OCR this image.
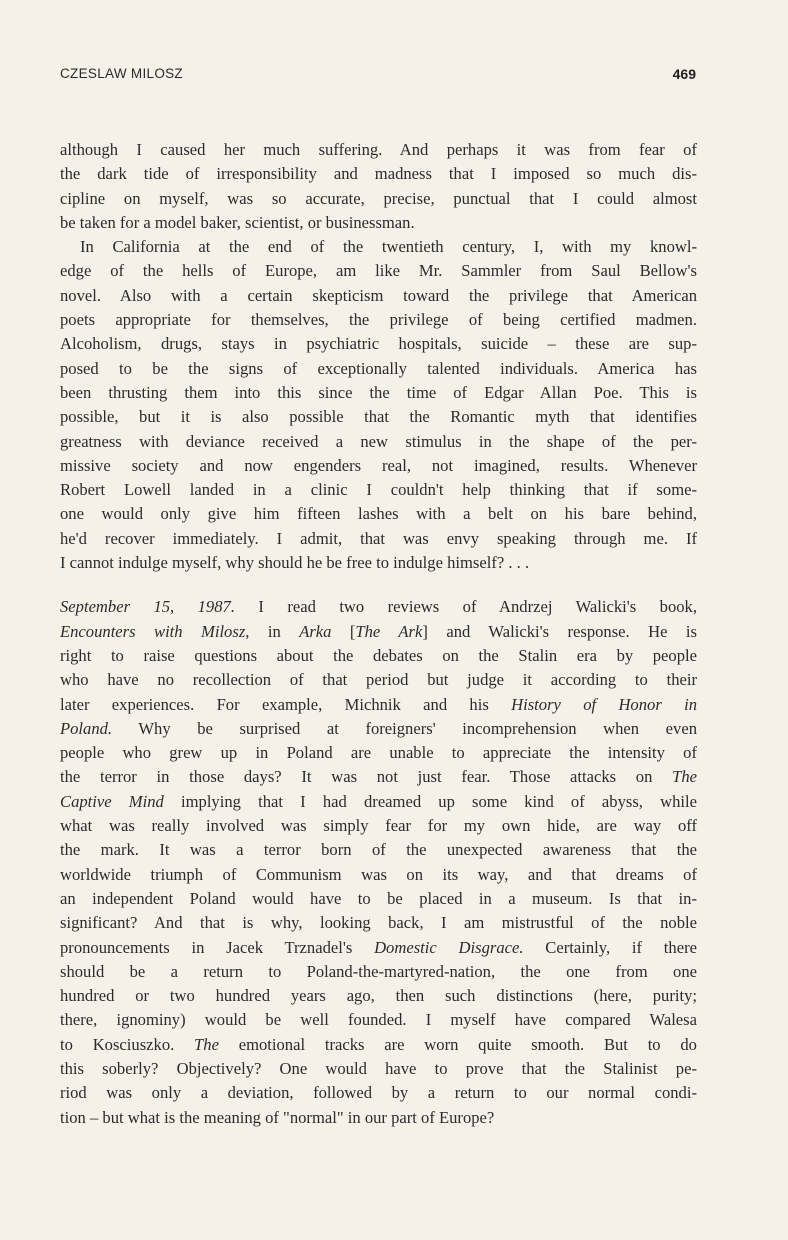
CZESLAW MILOSZ	469
although I caused her much suffering. And perhaps it was from fear of
the dark tide of irresponsibility and madness that I imposed so much dis-
cipline on myself, was so accurate, precise, punctual that I could almost
be taken for a model baker, scientist, or businessman.
In California at the end of the twentieth century, I, with my knowl-
edge of the hells of Europe, am like Mr. Sammler from Saul Bellow's
novel. Also with a certain skepticism toward the privilege that American
poets appropriate for themselves, the privilege of being certified madmen.
Alcoholism, drugs, stays in psychiatric hospitals, suicide – these are sup-
posed to be the signs of exceptionally talented individuals. America has
been thrusting them into this since the time of Edgar Allan Poe. This is
possible, but it is also possible that the Romantic myth that identifies
greatness with deviance received a new stimulus in the shape of the per-
missive society and now engenders real, not imagined, results. Whenever
Robert Lowell landed in a clinic I couldn't help thinking that if some-
one would only give him fifteen lashes with a belt on his bare behind,
he'd recover immediately. I admit, that was envy speaking through me. If
I cannot indulge myself, why should he be free to indulge himself? . . .
September 15, 1987. I read two reviews of Andrzej Walicki's book,
Encounters with Milosz, in Arka [The Ark] and Walicki's response. He is
right to raise questions about the debates on the Stalin era by people
who have no recollection of that period but judge it according to their
later experiences. For example, Michnik and his History of Honor in
Poland. Why be surprised at foreigners' incomprehension when even
people who grew up in Poland are unable to appreciate the intensity of
the terror in those days? It was not just fear. Those attacks on The
Captive Mind implying that I had dreamed up some kind of abyss, while
what was really involved was simply fear for my own hide, are way off
the mark. It was a terror born of the unexpected awareness that the
worldwide triumph of Communism was on its way, and that dreams of
an independent Poland would have to be placed in a museum. Is that in-
significant? And that is why, looking back, I am mistrustful of the noble
pronouncements in Jacek Trznadel's Domestic Disgrace. Certainly, if there
should be a return to Poland-the-martyred-nation, the one from one
hundred or two hundred years ago, then such distinctions (here, purity;
there, ignominy) would be well founded. I myself have compared Walesa
to Kosciuszko. The emotional tracks are worn quite smooth. But to do
this soberly? Objectively? One would have to prove that the Stalinist pe-
riod was only a deviation, followed by a return to our normal condi-
tion – but what is the meaning of "normal" in our part of Europe?
